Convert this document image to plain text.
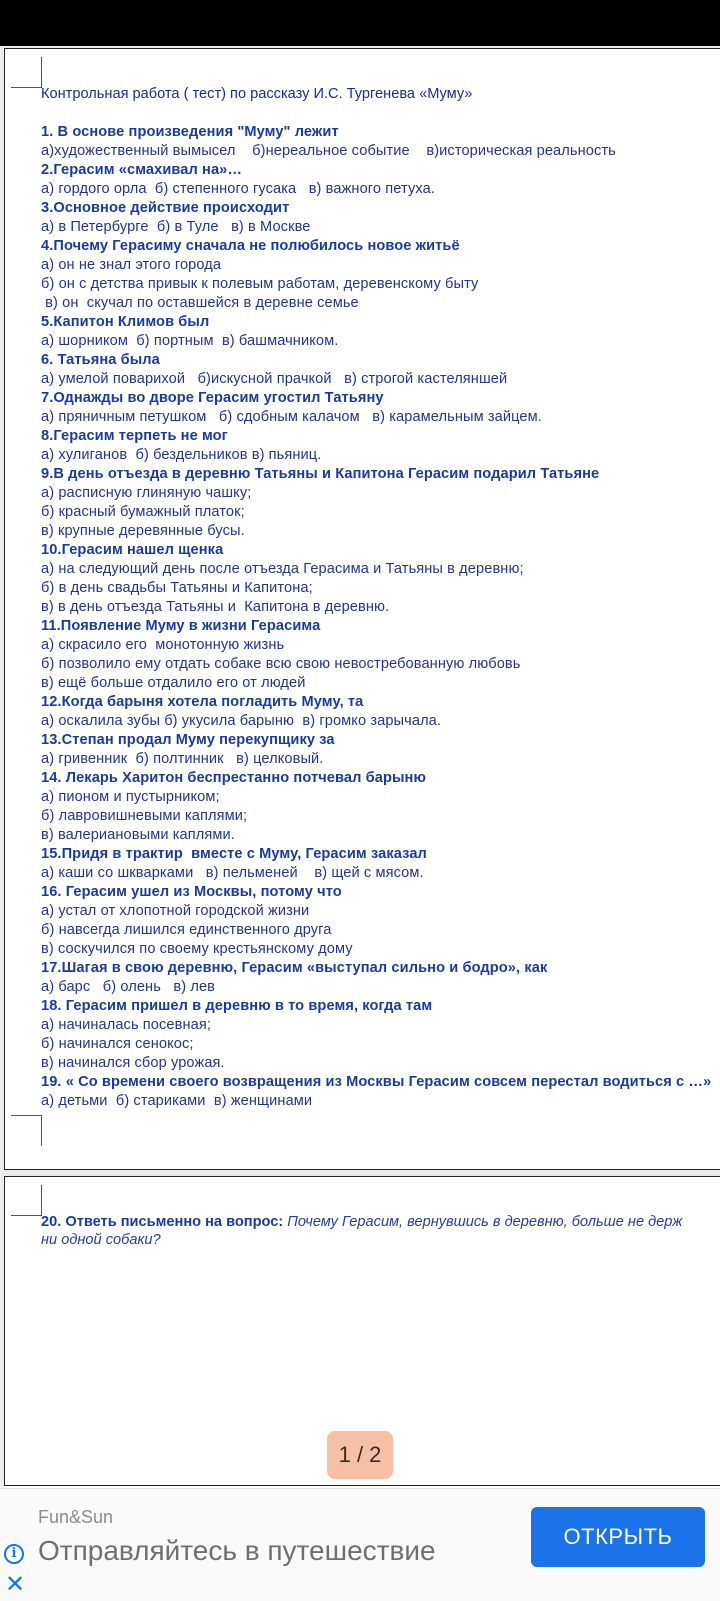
Контрольная работа ( тест) по рассказу И.С. Тургенева «Муму»
1. В основе произведения "Муму" лежит
а)художественный вымысел    б)нереальное событие    в)историческая реальность
2.Герасим «смахивал на»…
а) гордого орла  б) степенного гусака   в) важного петуха.
3.Основное действие происходит
а) в Петербурге  б) в Туле   в) в Москве
4.Почему Герасиму сначала не полюбилось новое житьё
а) он не знал этого города
б) он с детства привык к полевым работам, деревенскому быту
в) он  скучал по оставшейся в деревне семье
5.Капитон Климов был
а) шорником  б) портным  в) башмачником.
6. Татьяна была
а) умелой поварихой   б)искусной прачкой   в) строгой кастеляншей
7.Однажды во дворе Герасим угостил Татьяну
а) пряничным петушком   б) сдобным калачом   в) карамельным зайцем.
8.Герасим терпеть не мог
а) хулиганов  б) бездельников в) пьяниц.
9.В день отъезда в деревню Татьяны и Капитона Герасим подарил Татьяне
а) расписную глиняную чашку;
б) красный бумажный платок;
в) крупные деревянные бусы.
10.Герасим нашел щенка
а) на следующий день после отъезда Герасима и Татьяны в деревню;
б) в день свадьбы Татьяны и Капитона;
в) в день отъезда Татьяны и  Капитона в деревню.
11.Появление Муму в жизни Герасима
а) скрасило его  монотонную жизнь
б) позволило ему отдать собаке всю свою невостребованную любовь
в) ещё больше отдалило его от людей
12.Когда барыня хотела погладить Муму, та
а) оскалила зубы б) укусила барыню  в) громко зарычала.
13.Степан продал Муму перекупщику за
а) гривенник  б) полтинник   в) целковый.
14. Лекарь Харитон беспрестанно потчевал барыню
а) пионом и пустырником;
б) лавровишневыми каплями;
в) валериановыми каплями.
15.Придя в трактир  вместе с Муму, Герасим заказал
а) каши со шкварками   в) пельменей    в) щей с мясом.
16. Герасим ушел из Москвы, потому что
а) устал от хлопотной городской жизни
б) навсегда лишился единственного друга
в) соскучился по своему крестьянскому дому
17.Шагая в свою деревню, Герасим «выступал сильно и бодро», как
а) барс   б) олень   в) лев
18. Герасим пришел в деревню в то время, когда там
а) начиналась посевная;
б) начинался сенокос;
в) начинался сбор урожая.
19. « Со времени своего возвращения из Москвы Герасим совсем перестал водиться с …»
а) детьми  б) стариками  в) женщинами
20. Ответь письменно на вопрос: Почему Герасим, вернувшись в деревню, больше не держ
ни одной собаки?
1 / 2
Fun&Sun
Отправляйтесь в путешествие
i
✕
ОТКРЫТЬ
